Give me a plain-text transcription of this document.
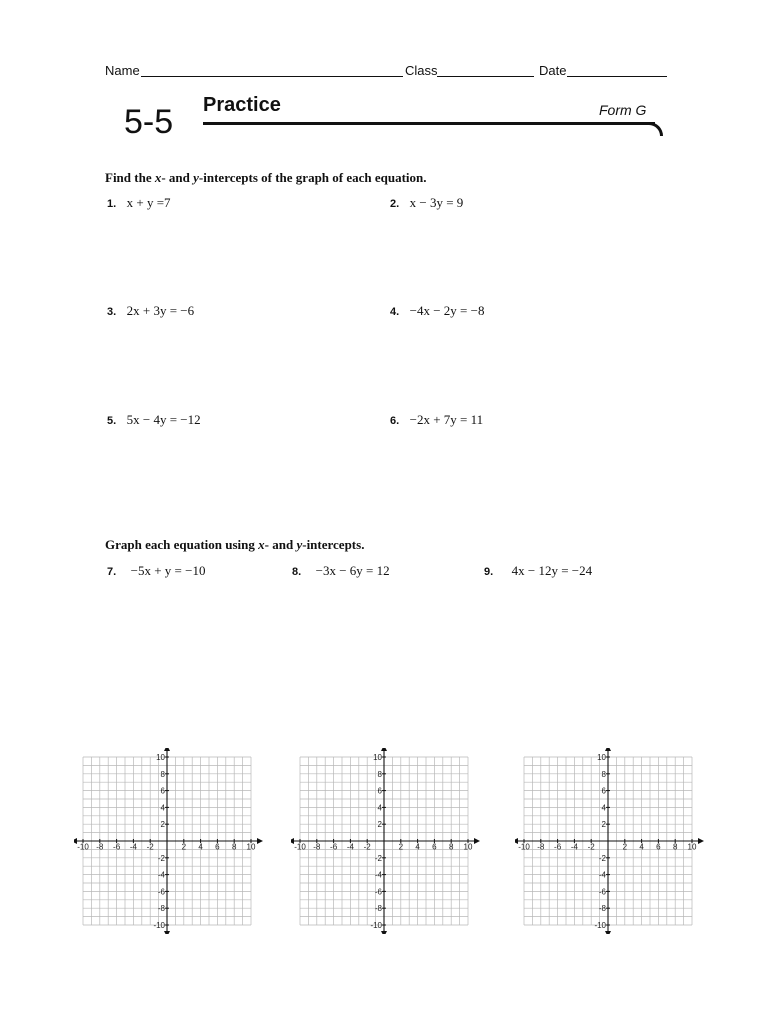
Name	Class	Date
5-5 Practice	Form G
Find the x- and y-intercepts of the graph of each equation.
1. x + y =7	2. x − 3y = 9
3. 2x + 3y = −6	4. −4x − 2y = −8
5. 5x − 4y = −12	6. −2x + 7y = 11
Graph each equation using x- and y-intercepts.
7. −5x + y = −10	8. −3x − 6y = 12	9. 4x − 12y = −24
-10 -8 -6 -4 -2	2 4 6 8 10
10
8
6
4
2
-2
-4
-6
-8
-10
-10 -8 -6 -4 -2	2 4 6 8 10
10
8
6
4
2
-2
-4
-6
-8
-10
-10 -8 -6 -4 -2	2 4 6 8 10
10
8
6
4
2
-2
-4
-6
-8
-10
